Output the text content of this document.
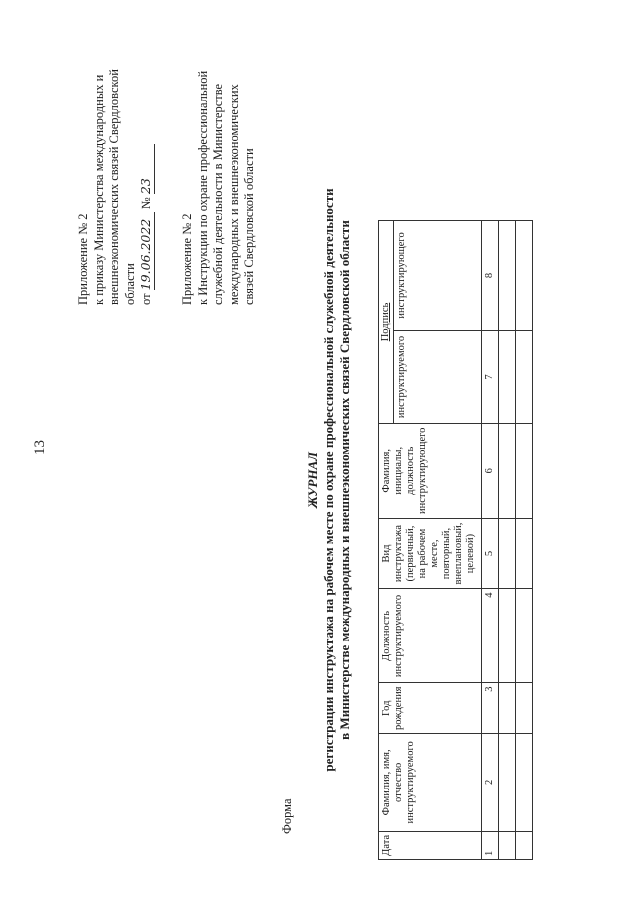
13
Приложение № 2 к приказу Министерства международных и внешнеэкономических связей Свердловской области от 19.06.2022 № 23
Приложение № 2 к Инструкции по охране профессиональной служебной деятельности в Министерстве международных и внешнеэкономических связей Свердловской области
Форма
ЖУРНАЛ регистрации инструктажа на рабочем месте по охране профессиональной служебной деятельности в Министерстве международных и внешнеэкономических связей Свердловской области
Дата	Фамилия, имя, отчество инструктируемого	Год рождения	Должность инструктируемого	Вид инструктажа (первичный, на рабочем месте, повторный, внеплановый, целевой)	Фамилия, инициалы, должность инструктирующего	Подпись	
						инструктируемого	инструктирующего
1	2	3	4	5	6	7	8
